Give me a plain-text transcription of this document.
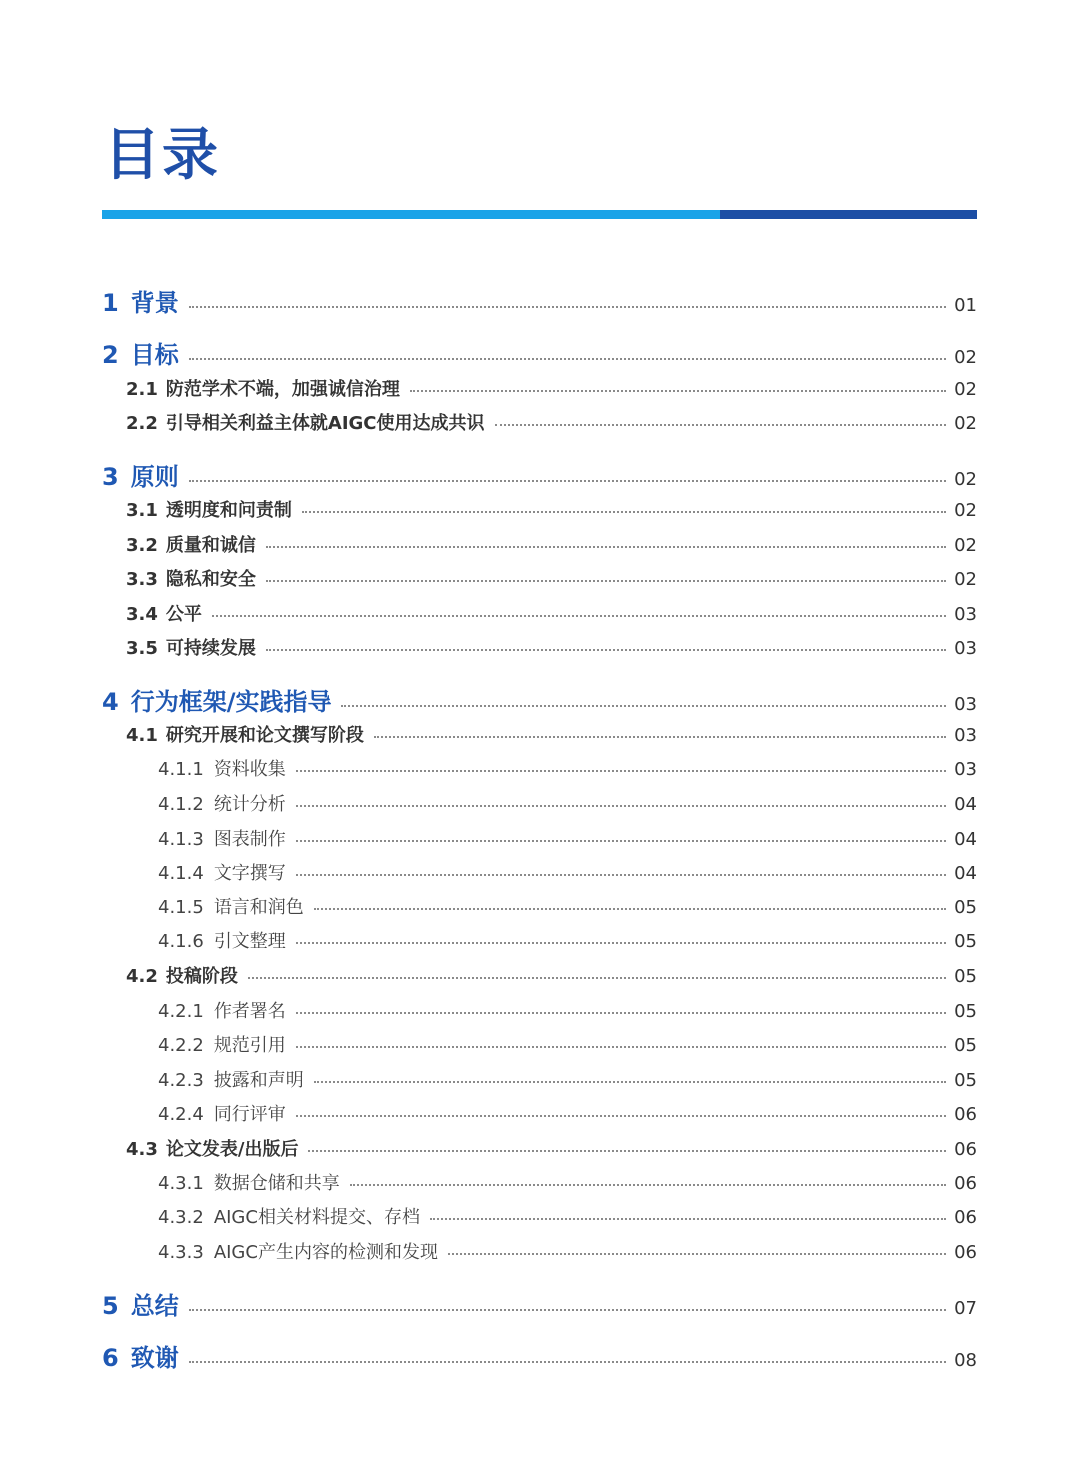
目录
1 背景	01
2 目标	02
2.1 防范学术不端，加强诚信治理	02
2.2 引导相关利益主体就AIGC使用达成共识	02
3 原则	02
3.1 透明度和问责制	02
3.2 质量和诚信	02
3.3 隐私和安全	02
3.4 公平	03
3.5 可持续发展	03
4 行为框架/实践指导	03
4.1 研究开展和论文撰写阶段	03
4.1.1 资料收集	03
4.1.2 统计分析	04
4.1.3 图表制作	04
4.1.4 文字撰写	04
4.1.5 语言和润色	05
4.1.6 引文整理	05
4.2 投稿阶段	05
4.2.1 作者署名	05
4.2.2 规范引用	05
4.2.3 披露和声明	05
4.2.4 同行评审	06
4.3 论文发表/出版后	06
4.3.1 数据仓储和共享	06
4.3.2 AIGC相关材料提交、存档	06
4.3.3 AIGC产生内容的检测和发现	06
5 总结	07
6 致谢	08
